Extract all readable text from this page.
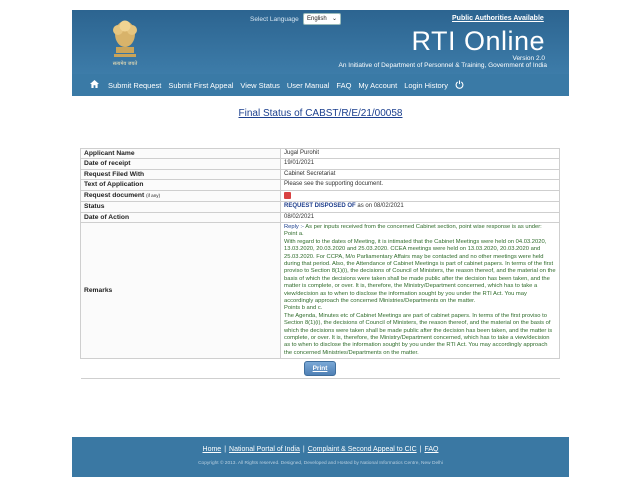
सत्यमेव जयते
Select Language	English ⌄	Public Authorities Available
RTI Online
Version 2.0
An Initiative of Department of Personnel & Training, Government of India
Submit Request Submit First Appeal View Status User Manual FAQ My Account Login History
Final Status of CABST/R/E/21/00058
Applicant Name	Jugal Purohit
Date of receipt	19/01/2021
Request Filed With	Cabinet Secretariat
Text of Application	Please see the supporting document.
Request document (if any)	
Status	REQUEST DISPOSED OF as on 08/02/2021
Date of Action	08/02/2021
Remarks	Reply :- As per inputs received from the concerned Cabinet section, point wise response is as under:
Point a.
With regard to the dates of Meeting, it is intimated that the Cabinet Meetings were held on 04.03.2020, 13.03.2020, 20.03.2020 and 25.03.2020. CCEA meetings were held on 13.03.2020, 20.03.2020 and 25.03.2020. For CCPA, M/o Parliamentary Affairs may be contacted and no other meetings were held during that period. Also, the Attendance of Cabinet Meetings is part of cabinet papers. In terms of the first proviso to Section 8(1)(i), the decisions of Council of Ministers, the reason thereof, and the material on the basis of which the decisions were taken shall be made public after the decision has been taken, and the matter is complete, or over. It is, therefore, the Ministry/Department concerned, which has to take a view/decision as to when to disclose the information sought by you under the RTI Act. You may accordingly approach the concerned Ministries/Departments on the matter.
Points b and c.
The Agenda, Minutes etc of Cabinet Meetings are part of cabinet papers. In terms of the first proviso to Section 8(1)(i), the decisions of Council of Ministers, the reason thereof, and the material on the basis of which the decisions were taken shall be made public after the decision has been taken, and the matter is complete, or over. It is, therefore, the Ministry/Department concerned, which has to take a view/decision as to when to disclose the information sought by you under the RTI Act. You may accordingly approach the concerned Ministries/Departments on the matter.

Print	
Home | National Portal of India | Complaint & Second Appeal to CIC | FAQ
Copyright © 2013. All Rights reserved. Designed, Developed and Hosted by National Informatics Centre, New Delhi
